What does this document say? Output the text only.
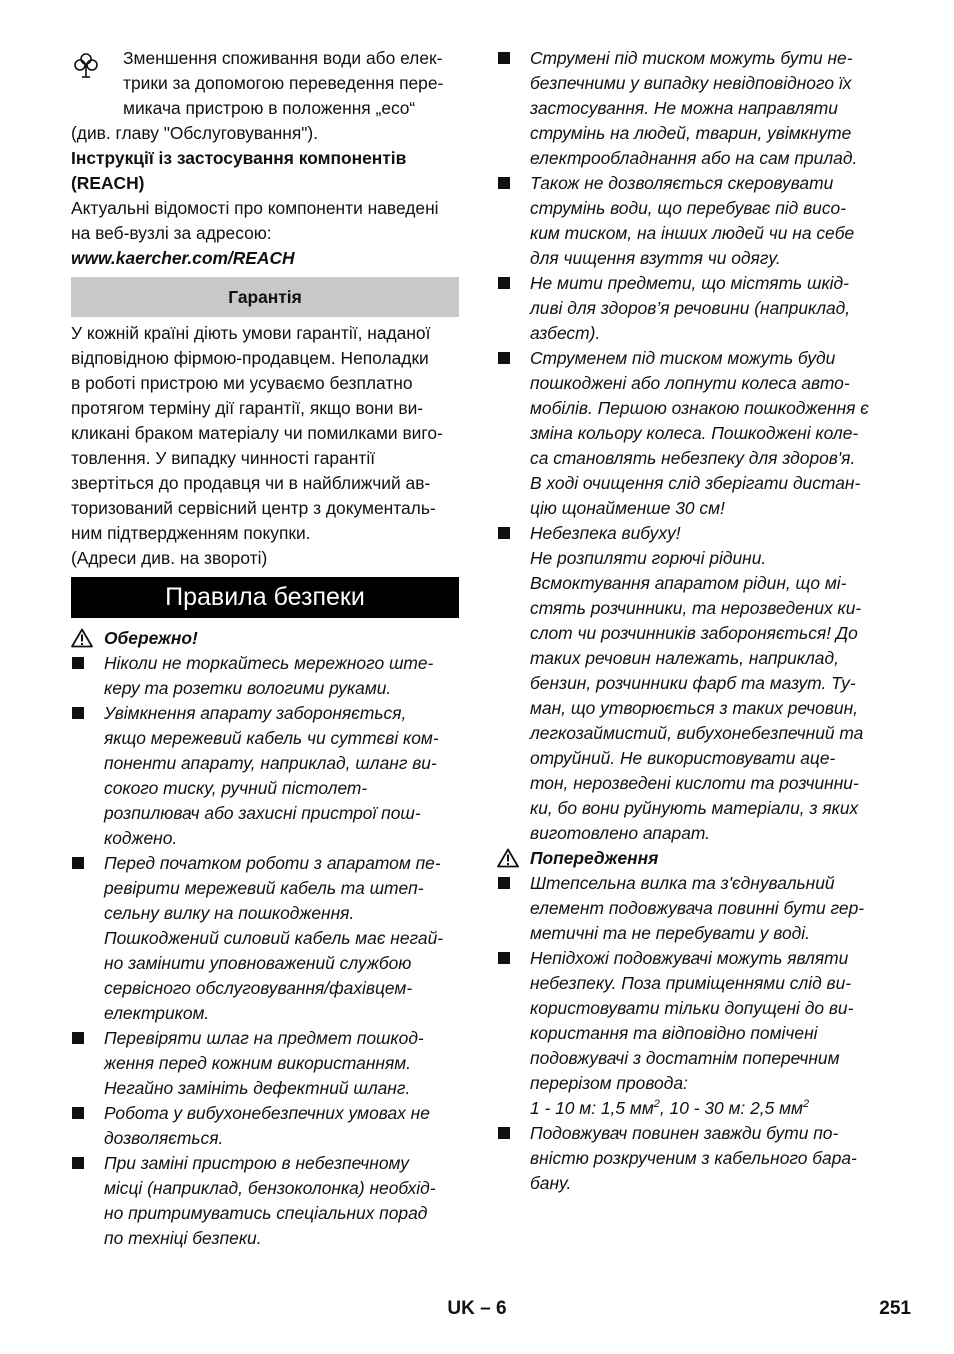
Зменшення споживання води або елек-
трики за допомогою переведення пере-
микача пристрою в положення „eco“

(див. главу "Обслуговування").

Інструкції із застосування компонентів
(REACH)
Актуальні відомості про компоненти наведені
на веб-вузлі за адресою:

www.kaercher.com/REACH

Гарантія
У кожній країні діють умови гарантії, наданої
відповідною фірмою-продавцем. Неполадки
в роботі пристрою ми усуваємо безплатно
протягом терміну дії гарантії, якщо вони ви-
кликані браком матеріалу чи помилками виго-
товлення. У випадку чинності гарантії
звертіться до продавця чи в найближчий ав-
торизований сервісний центр з документаль-
ним підтвердженням покупки.
(Адреси див. на звороті)
Правила безпеки
Обережно!
Ніколи не торкайтесь мережного ште-
керу та розетки вологими руками.
Увімкнення апарату забороняється,
якщо мережевий кабель чи суттєві ком-
поненти апарату, наприклад, шланг ви-
сокого тиску, ручний пістолет-
розпилювач або захисні пристрої пош-
коджено.
Перед початком роботи з апаратом пе-
ревірити мережевий кабель та штеп-
сельну вилку на пошкодження.
Пошкоджений силовий кабель має негай-
но замінити уповноважений службою
сервісного обслуговування/фахівцем-
електриком.
Перевіряти шлаг на предмет пошкод-
ження перед кожним використанням.
Негайно замініть дефектний шланг.
Робота у вибухонебезпечних умовах не
дозволяється.
При заміні пристрою в небезпечному
місці (наприклад, бензоколонка) необхід-
но притримуватись спеціальних порад
по техніці безпеки.
Струмені під тиском можуть бути не-
безпечними у випадку невідповідного їх
застосування. Не можна направляти
струмінь на людей, тварин, увімкнуте
електрообладнання або на сам прилад.
Також не дозволяється скеровувати
струмінь води, що перебуває під висо-
ким тиском, на інших людей чи на себе
для чищення взуття чи одягу.
Не мити предмети, що містять шкід-
ливі для здоров’я речовини (наприклад,
азбест).
Струменем під тиском можуть буди
пошкоджені або лопнути колеса авто-
мобілів. Першою ознакою пошкодження є
зміна кольору колеса. Пошкоджені коле-
са становлять небезпеку для здоров'я.
В ході очищення слід зберігати дистан-
цію щонайменше 30 см!
Небезпека вибуху!
Не розпиляти горючі рідини.
Всмоктування апаратом рідин, що мі-
стять розчинники, та нерозведених ки-
слот чи розчинників забороняється! До
таких речовин належать, наприклад,
бензин, розчинники фарб та мазут. Ту-
ман, що утворюється з таких речовин,
легкозаймистий, вибухонебезпечний та
отруйний. Не використовувати аце-
тон, нерозведені кислоти та розчинни-
ки, бо вони руйнують матеріали, з яких
виготовлено апарат.
Попередження
Штепсельна вилка та з'єднувальний
елемент подовжувача повинні бути гер-
метичні та не перебувати у воді.
Непідхожі подовжувачі можуть являти
небезпеку. Поза приміщеннями слід ви-
користовувати тільки допущені до ви-
користання та відповідно помічені
подовжувачі з достатнім поперечним
перерізом провода:
1 - 10 м: 1,5 $мм^2$, 10 - 30 м: 2,5 $мм^2$
Подовжувач повинен завжди бути по-
вністю розкрученим з кабельного бара-
бану.
UK – 6	251
